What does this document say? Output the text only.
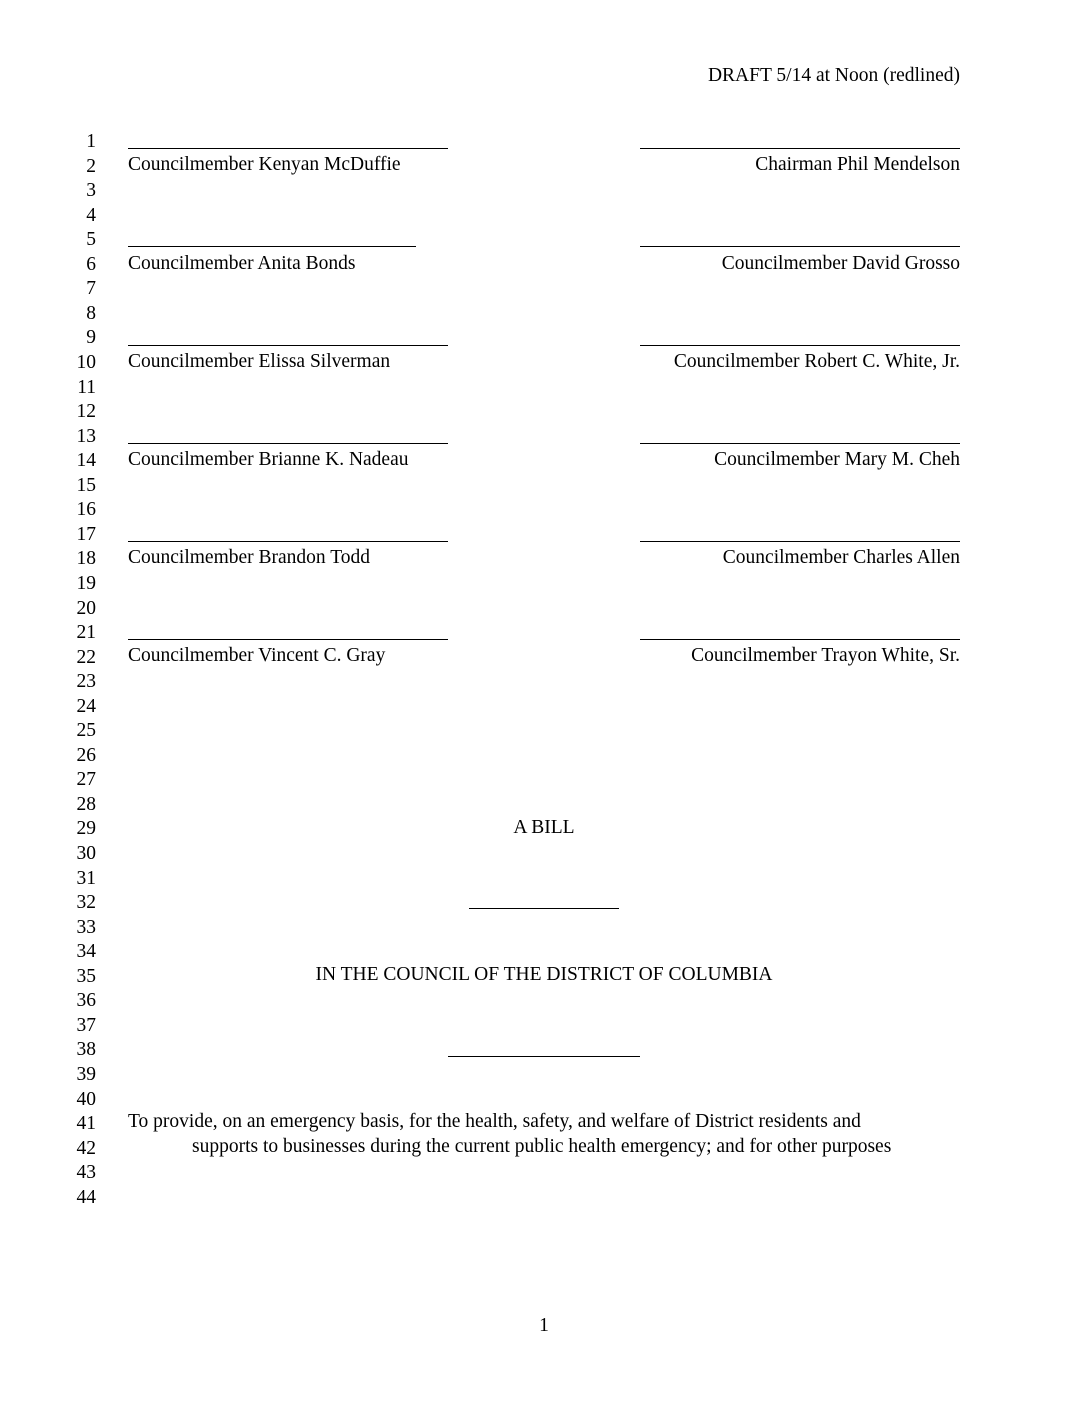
DRAFT 5/14 at Noon (redlined)
1
2
3
4
5
6
7
8
9
10
11
12
13
14
15
16
17
18
19
20
21
22
23
24
25
26
27
28
29
30
31
32
33
34
35
36
37
38
39
40
41
42
43
44
Councilmember Kenyan McDuffie	Chairman Phil Mendelson
Councilmember Anita Bonds	Councilmember David Grosso
Councilmember Elissa Silverman	Councilmember Robert C. White, Jr.
Councilmember Brianne K. Nadeau	Councilmember Mary M. Cheh
Councilmember Brandon Todd	Councilmember Charles Allen
Councilmember Vincent C. Gray	Councilmember Trayon White, Sr.
A BILL
IN THE COUNCIL OF THE DISTRICT OF COLUMBIA
To provide, on an emergency basis, for the health, safety, and welfare of District residents and
supports to businesses during the current public health emergency; and for other purposes
1
